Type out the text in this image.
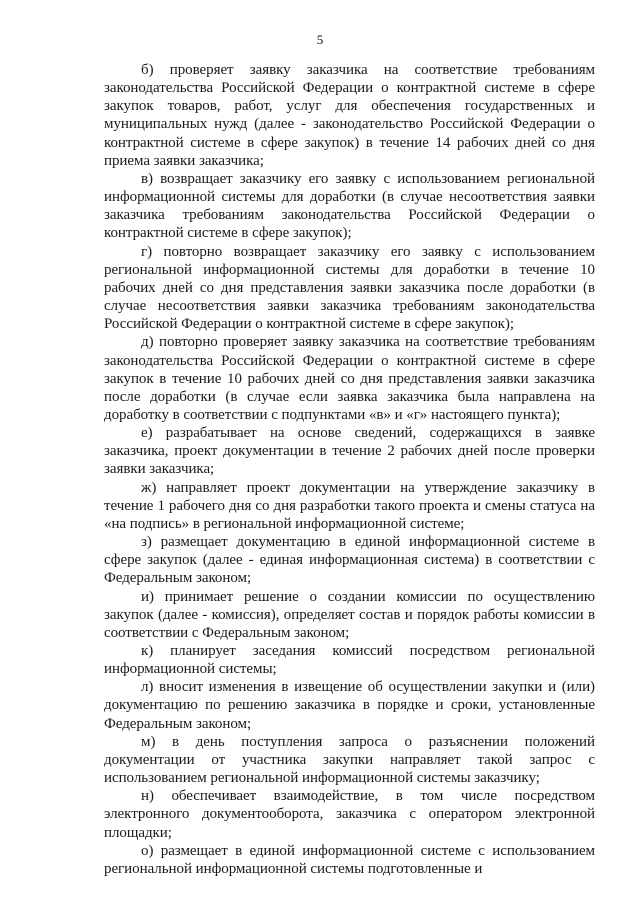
5

б) проверяет заявку заказчика на соответствие требованиям законодательства Российской Федерации о контрактной системе в сфере закупок товаров, работ, услуг для обеспечения государственных и муниципальных нужд (далее - законодательство Российской Федерации о контрактной системе в сфере закупок) в течение 14 рабочих дней со дня приема заявки заказчика;

в) возвращает заказчику его заявку с использованием региональной информационной системы для доработки (в случае несоответствия заявки заказчика требованиям законодательства Российской Федерации о контрактной системе в сфере закупок);

г) повторно возвращает заказчику его заявку с использованием региональной информационной системы для доработки в течение 10 рабочих дней со дня представления заявки заказчика после доработки (в случае несоответствия заявки заказчика требованиям законодательства Российской Федерации о контрактной системе в сфере закупок);

д) повторно проверяет заявку заказчика на соответствие требованиям законодательства Российской Федерации о контрактной системе в сфере закупок в течение 10 рабочих дней со дня представления заявки заказчика после доработки (в случае если заявка заказчика была направлена на доработку в соответствии с подпунктами «в» и «г» настоящего пункта);

е) разрабатывает на основе сведений, содержащихся в заявке заказчика, проект документации в течение 2 рабочих дней после проверки заявки заказчика;

ж) направляет проект документации на утверждение заказчику в течение 1 рабочего дня со дня разработки такого проекта и смены статуса на «на подпись» в региональной информационной системе;

з) размещает документацию в единой информационной системе в сфере закупок (далее - единая информационная система) в соответствии с Федеральным законом;

и) принимает решение о создании комиссии по осуществлению закупок (далее - комиссия), определяет состав и порядок работы комиссии в соответствии с Федеральным законом;

к) планирует заседания комиссий посредством региональной информационной системы;

л) вносит изменения в извещение об осуществлении закупки и (или) документацию по решению заказчика в порядке и сроки, установленные Федеральным законом;

м) в день поступления запроса о разъяснении положений документации от участника закупки направляет такой запрос с использованием региональной информационной системы заказчику;

н) обеспечивает взаимодействие, в том числе посредством электронного документооборота, заказчика с оператором электронной площадки;

о) размещает в единой информационной системе с использованием региональной информационной системы подготовленные и
